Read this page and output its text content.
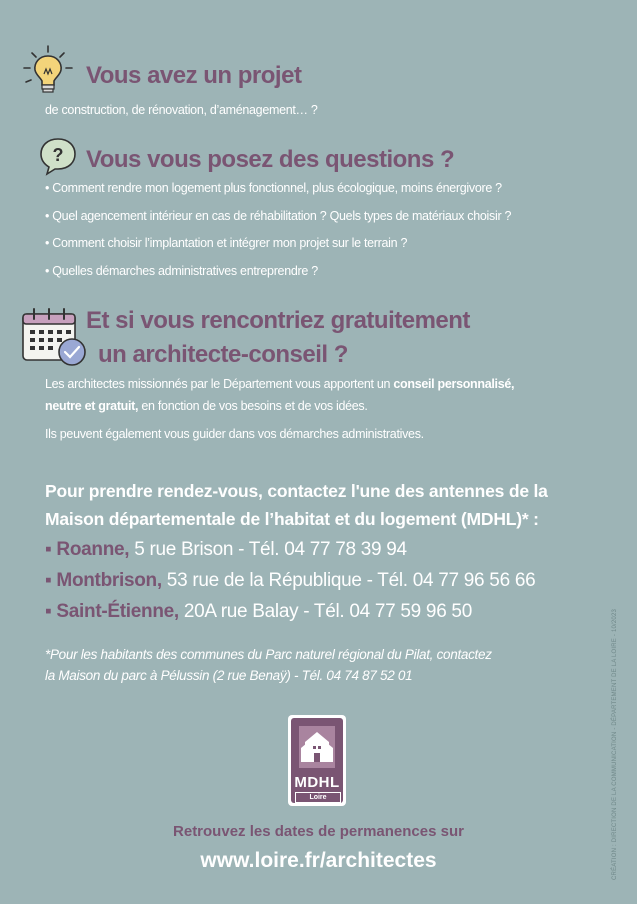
Vous avez un projet
de construction, de rénovation, d’aménagement… ?
? Vous vous posez des questions ?
• Comment rendre mon logement plus fonctionnel, plus écologique, moins énergivore ?
• Quel agencement intérieur en cas de réhabilitation ? Quels types de matériaux choisir ?
• Comment choisir l’implantation et intégrer mon projet sur le terrain ?
• Quelles démarches administratives entreprendre ?
Et si vous rencontriez gratuitement
un architecte-conseil ?
Les architectes missionnés par le Département vous apportent un conseil personnalisé,
neutre et gratuit, en fonction de vos besoins et de vos idées.
Ils peuvent également vous guider dans vos démarches administratives.
Pour prendre rendez-vous, contactez l'une des antennes de la
Maison départementale de l’habitat et du logement (MDHL)* :
▪ Roanne, 5 rue Brison - Tél. 04 77 78 39 94
▪ Montbrison, 53 rue de la République - Tél. 04 77 96 56 66
▪ Saint-Étienne, 20A rue Balay - Tél. 04 77 59 96 50
*Pour les habitants des communes du Parc naturel régional du Pilat, contactez
la Maison du parc à Pélussin (2 rue Benaÿ) - Tél. 04 74 87 52 01
MDHL
Loire
Retrouvez les dates de permanences sur
www.loire.fr/architectes	CRÉATION : DIRECTION DE LA COMMUNICATION - DÉPARTEMENT DE LA LOIRE - 10/2023
